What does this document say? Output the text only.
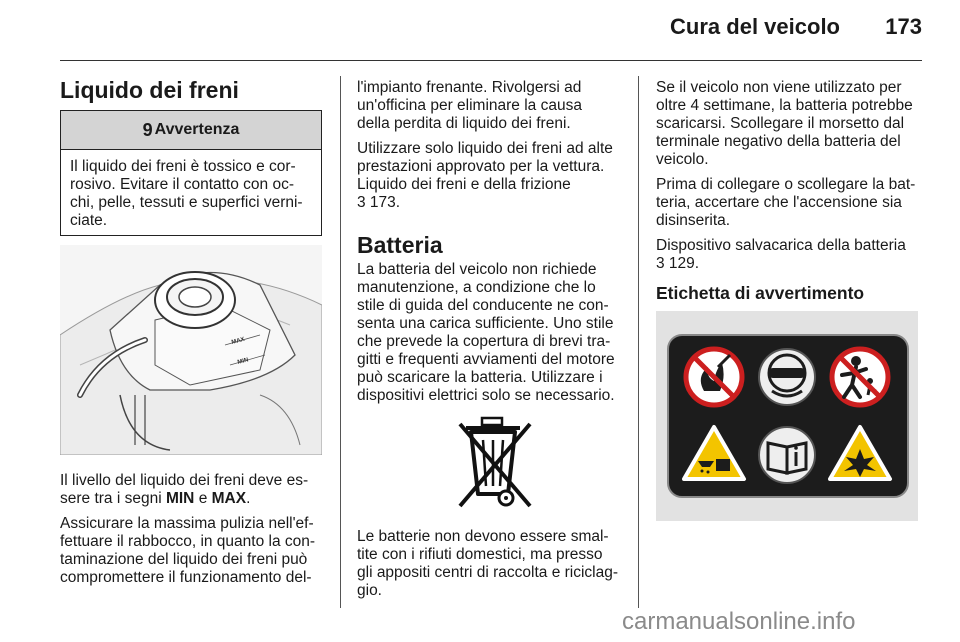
Cura del veicolo 173
Liquido dei freni
9 Avvertenza
Il liquido dei freni è tossico e cor-
rosivo. Evitare il contatto con oc-
chi, pelle, tessuti e superfici verni-
ciate.
MAX
MIN

Il livello del liquido dei freni deve es-
sere tra i segni MIN e MAX.

Assicurare la massima pulizia nell'ef-
fettuare il rabbocco, in quanto la con-
taminazione del liquido dei freni può
compromettere il funzionamento del-

l'impianto frenante. Rivolgersi ad
un'officina per eliminare la causa
della perdita di liquido dei freni.

Utilizzare solo liquido dei freni ad alte
prestazioni approvato per la vettura.
Liquido dei freni e della frizione
3 173.

Batteria

La batteria del veicolo non richiede
manutenzione, a condizione che lo
stile di guida del conducente ne con-
senta una carica sufficiente. Uno stile
che prevede la copertura di brevi tra-
gitti e frequenti avviamenti del motore
può scaricare la batteria. Utilizzare i
dispositivi elettrici solo se necessario.

Le batterie non devono essere smal-
tite con i rifiuti domestici, ma presso
gli appositi centri di raccolta e riciclag-
gio.

Se il veicolo non viene utilizzato per
oltre 4 settimane, la batteria potrebbe
scaricarsi. Scollegare il morsetto dal
terminale negativo della batteria del
veicolo.

Prima di collegare o scollegare la bat-
teria, accertare che l'accensione sia
disinserita.

Dispositivo salvacarica della batteria
3 129.

Etichetta di avvertimento
carmanualsonline.info
